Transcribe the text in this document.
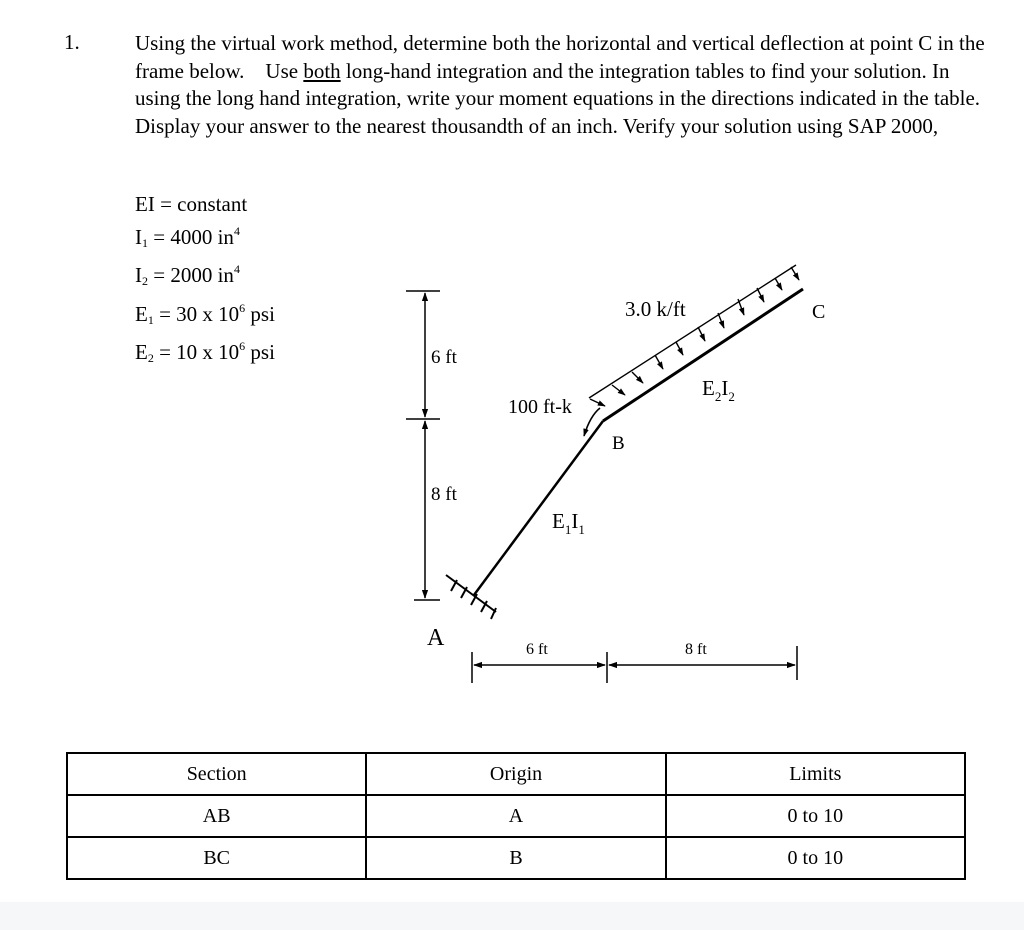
1.	Using the virtual work method, determine both the horizontal and vertical deflection at point C in the frame below.    Use both long-hand integration and the integration tables to find your solution. In using the long hand integration, write your moment equations in the directions indicated in the table. Display your answer to the nearest thousandth of an inch. Verify your solution using SAP 2000,

EI = constant
$I_1 = 4000$ $in^4$
$I_2 = 2000$ $in^4$
$E_1 = 30$ x $10^6$ psi
$E_2 = 10$ x $10^6$ psi	6 ft
8 ft
6 ft	8 ft
3.0 k/ft
100 ft-k
C
B
A
$E_2I_2$
$E_1I_1$
Section	Origin	Limits
AB	A	0 to 10
BC	B	0 to 10
